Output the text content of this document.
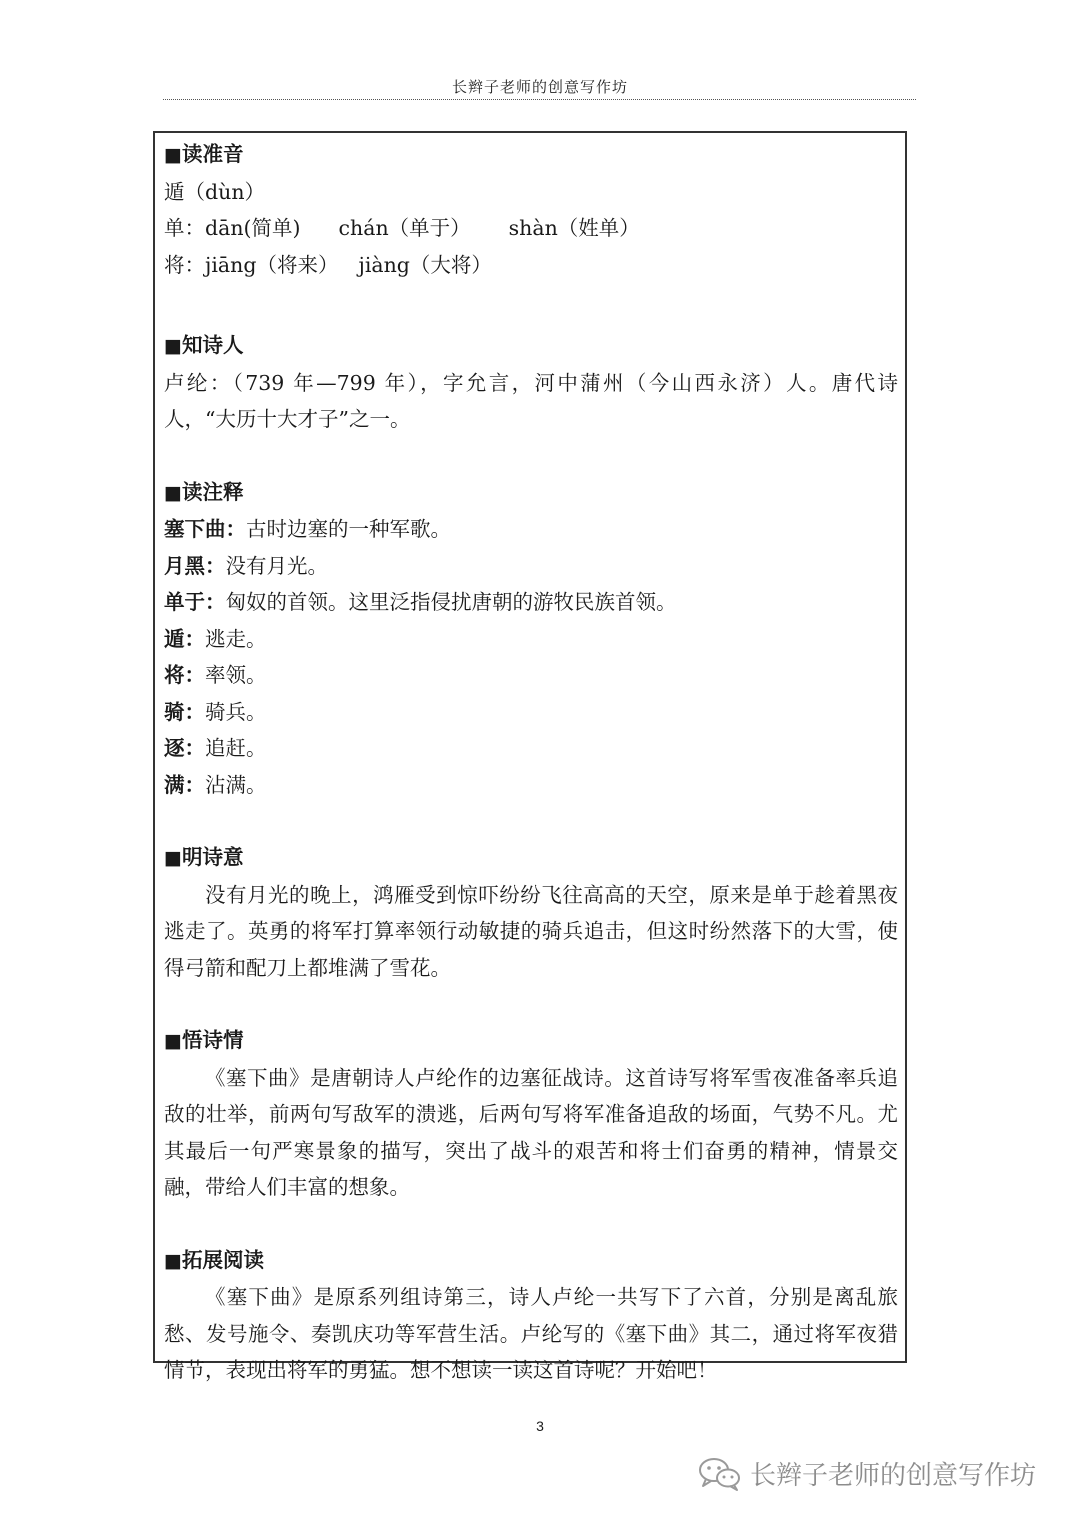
长辫子老师的创意写作坊
■读准音
遁（dùn）
单：dān(简单) chán（单于） shàn（姓单）
将：jiāng（将来） jiàng（大将）
■知诗人
卢纶：（739 年—799 年），字允言，河中蒲州（今山西永济）人。唐代诗人，“大历十大才子”之一。
■读注释
塞下曲：古时边塞的一种军歌。
月黑：没有月光。
单于：匈奴的首领。这里泛指侵扰唐朝的游牧民族首领。
遁：逃走。
将：率领。
骑：骑兵。
逐：追赶。
满：沾满。
■明诗意
没有月光的晚上，鸿雁受到惊吓纷纷飞往高高的天空，原来是单于趁着黑夜逃走了。英勇的将军打算率领行动敏捷的骑兵追击，但这时纷然落下的大雪，使得弓箭和配刀上都堆满了雪花。
■悟诗情
《塞下曲》是唐朝诗人卢纶作的边塞征战诗。这首诗写将军雪夜准备率兵追敌的壮举，前两句写敌军的溃逃，后两句写将军准备追敌的场面，气势不凡。尤其最后一句严寒景象的描写，突出了战斗的艰苦和将士们奋勇的精神，情景交融，带给人们丰富的想象。
■拓展阅读
《塞下曲》是原系列组诗第三，诗人卢纶一共写下了六首，分别是离乱旅愁、发号施令、奏凯庆功等军营生活。卢纶写的《塞下曲》其二，通过将军夜猎情节，表现出将军的勇猛。想不想读一读这首诗呢？开始吧！
3
长辫子老师的创意写作坊
